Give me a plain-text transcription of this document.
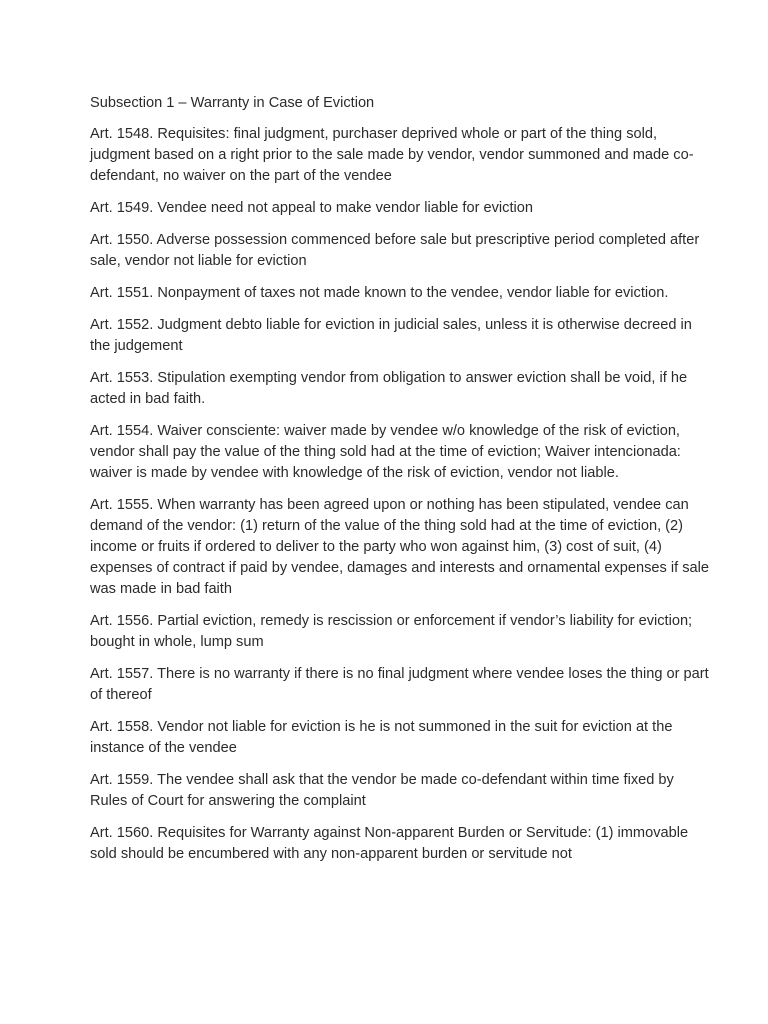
Subsection 1 – Warranty in Case of Eviction

Art. 1548. Requisites: final judgment, purchaser deprived whole or part of the thing sold, judgment based on a right prior to the sale made by vendor, vendor summoned and made co-defendant, no waiver on the part of the vendee

Art. 1549. Vendee need not appeal to make vendor liable for eviction

Art. 1550. Adverse possession commenced before sale but prescriptive period completed after sale, vendor not liable for eviction

Art. 1551. Nonpayment of taxes not made known to the vendee, vendor liable for eviction.

Art. 1552. Judgment debto liable for eviction in judicial sales, unless it is otherwise decreed in the judgement

Art. 1553. Stipulation exempting vendor from obligation to answer eviction shall be void, if he acted in bad faith.

Art. 1554. Waiver consciente: waiver made by vendee w/o knowledge of the risk of eviction, vendor shall pay the value of the thing sold had at the time of eviction; Waiver intencionada: waiver is made by vendee with knowledge of the risk of eviction, vendor not liable.

Art. 1555. When warranty has been agreed upon or nothing has been stipulated, vendee can demand of the vendor: (1) return of the value of the thing sold had at the time of eviction, (2) income or fruits if ordered to deliver to the party who won against him, (3) cost of suit, (4) expenses of contract if paid by vendee, damages and interests and ornamental expenses if sale was made in bad faith

Art. 1556. Partial eviction, remedy is rescission or enforcement if vendor’s liability for eviction; bought in whole, lump sum

Art. 1557. There is no warranty if there is no final judgment where vendee loses the thing or part of thereof

Art. 1558. Vendor not liable for eviction is he is not summoned in the suit for eviction at the instance of the vendee

Art. 1559. The vendee shall ask that the vendor be made co-defendant within time fixed by Rules of Court for answering the complaint

Art. 1560. Requisites for Warranty against Non-apparent Burden or Servitude: (1) immovable sold should be encumbered with any non-apparent burden or servitude not
